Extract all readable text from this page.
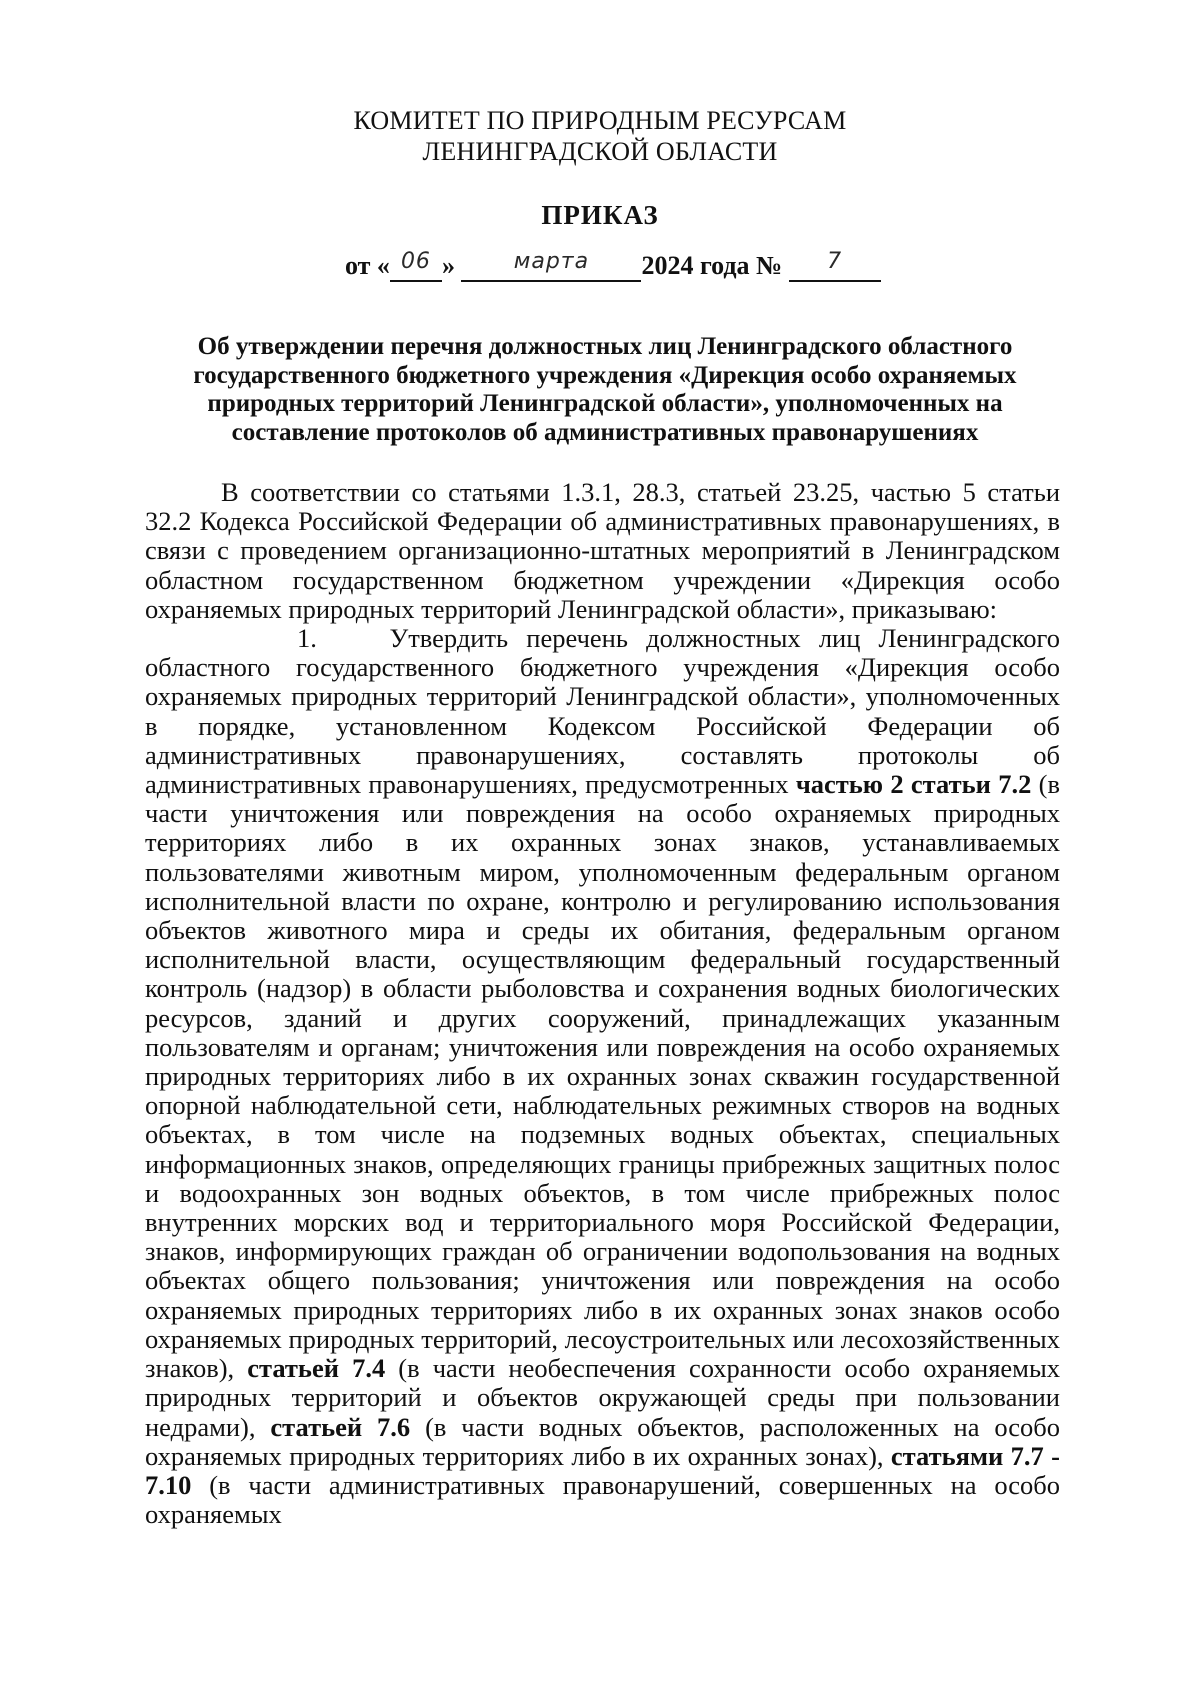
КОМИТЕТ ПО ПРИРОДНЫМ РЕСУРСАМ
ЛЕНИНГРАДСКОЙ ОБЛАСТИ
ПРИКАЗ
от « 06 »	марта	2024 года №	7
Об утверждении перечня должностных лиц Ленинградского областного государственного бюджетного учреждения «Дирекция особо охраняемых природных территорий Ленинградской области», уполномоченных на составление протоколов об административных правонарушениях

В соответствии со статьями 1.3.1, 28.3, статьей 23.25, частью 5 статьи 32.2 Кодекса Российской Федерации об административных правонарушениях, в связи с проведением организационно-штатных мероприятий в Ленинградском областном государственном бюджетном учреждении «Дирекция особо охраняемых природных территорий Ленинградской области», приказываю:

1.	Утвердить перечень должностных лиц Ленинградского областного государственного бюджетного учреждения «Дирекция особо охраняемых природных территорий Ленинградской области», уполномоченных в порядке, установленном Кодексом Российской Федерации об административных правонарушениях, составлять протоколы об административных правонарушениях, предусмотренных частью 2 статьи 7.2 (в части уничтожения или повреждения на особо охраняемых природных территориях либо в их охранных зонах знаков, устанавливаемых пользователями животным миром, уполномоченным федеральным органом исполнительной власти по охране, контролю и регулированию использования объектов животного мира и среды их обитания, федеральным органом исполнительной власти, осуществляющим федеральный государственный контроль (надзор) в области рыболовства и сохранения водных биологических ресурсов, зданий и других сооружений, принадлежащих указанным пользователям и органам; уничтожения или повреждения на особо охраняемых природных территориях либо в их охранных зонах скважин государственной опорной наблюдательной сети, наблюдательных режимных створов на водных объектах, в том числе на подземных водных объектах, специальных информационных знаков, определяющих границы прибрежных защитных полос и водоохранных зон водных объектов, в том числе прибрежных полос внутренних морских вод и территориального моря Российской Федерации, знаков, информирующих граждан об ограничении водопользования на водных объектах общего пользования; уничтожения или повреждения на особо охраняемых природных территориях либо в их охранных зонах знаков особо охраняемых природных территорий, лесоустроительных или лесохозяйственных знаков), статьей 7.4 (в части необеспечения сохранности особо охраняемых природных территорий и объектов окружающей среды при пользовании недрами), статьей 7.6 (в части водных объектов, расположенных на особо охраняемых природных территориях либо в их охранных зонах), статьями 7.7 - 7.10 (в части административных правонарушений, совершенных на особо охраняемых
